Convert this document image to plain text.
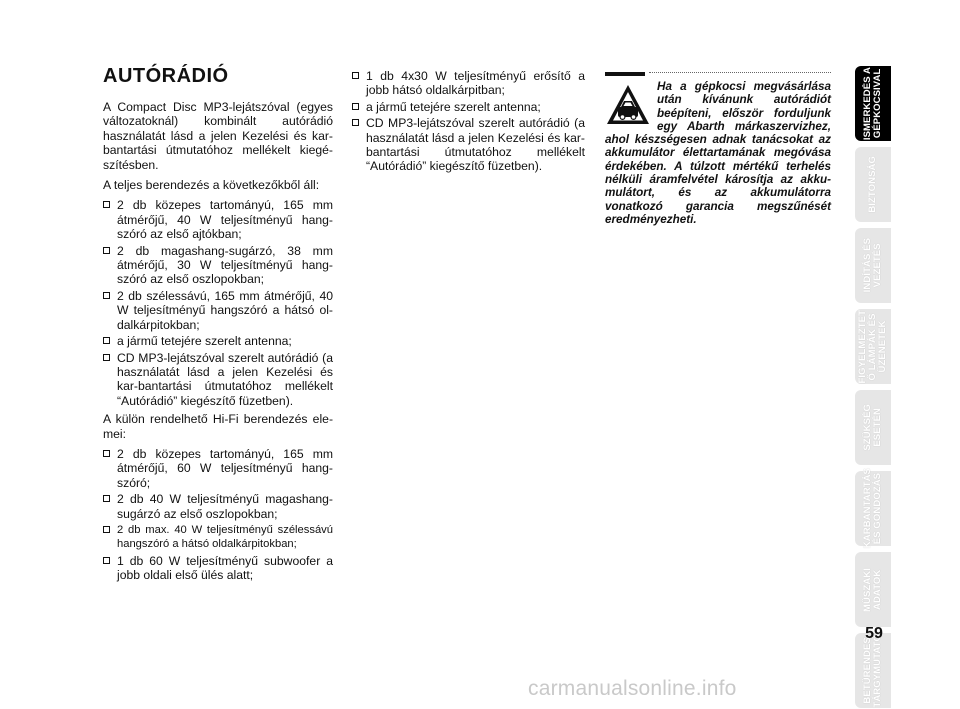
AUTÓRÁDIÓ

A Compact Disc MP3-lejátszóval (egyes változatoknál) kombinált autórádió használatát lásd a jelen Kezelési és kar-bantartási útmutatóhoz mellékelt kiegé-szítésben.

A teljes berendezés a következőkből áll:

2 db közepes tartományú, 165 mm átmérőjű, 40 W teljesítményű hang-szóró az első ajtókban;
2 db magashang-sugárzó, 38 mm átmérőjű, 30 W teljesítményű hang-szóró az első oszlopokban;
2 db szélessávú, 165 mm átmérőjű, 40 W teljesítményű hangszóró a hátsó ol-dalkárpitokban;
a jármű tetejére szerelt antenna;
CD MP3-lejátszóval szerelt autórádió (a használatát lásd a jelen Kezelési és kar-bantartási útmutatóhoz mellékelt “Autórádió” kiegészítő füzetben).

A külön rendelhető Hi-Fi berendezés ele-mei:

2 db közepes tartományú, 165 mm átmérőjű, 60 W teljesítményű hang-szóró;
2 db 40 W teljesítményű magashang-sugárzó az első oszlopokban;
2 db max. 40 W teljesítményű szélessávú hangszóró a hátsó oldalkárpitokban;
1 db 60 W teljesítményű subwoofer a jobb oldali első ülés alatt;
1 db 4x30 W teljesítményű erősítő a jobb hátsó oldalkárpitban;
a jármű tetejére szerelt antenna;
CD MP3-lejátszóval szerelt autórádió (a használatát lásd a jelen Kezelési és kar-bantartási útmutatóhoz mellékelt “Autórádió” kiegészítő füzetben).
Ha a gépkocsi megvásárlása után kívánunk autórádiót beépíteni, először forduljunk egy Abarth márkaszervizhez, ahol készségesen adnak tanácsokat az akkumulátor élettartamának megóvása érdekében. A túlzott mértékű terhelés nélküli áramfelvétel károsítja az akku-mulátort, és az akkumulátorra vonatkozó garancia megszűnését eredményezheti.
ISMERKEDÉS A
GÉPKOCSIVAL
BIZTONSÁG
INDÍTÁS ÉS
VEZETÉS
FIGYELMEZTET
Ő LÁMPÁK ÉS
ÜZENETEK
SZÜKSÉG
ESETÉN
KARBANTARTÁS
ÉS GONDOZÁS
MŰSZAKI
ADATOK
BETŰRENDES
TÁRGYMUTATÓ
59
carmanualsonline.info
